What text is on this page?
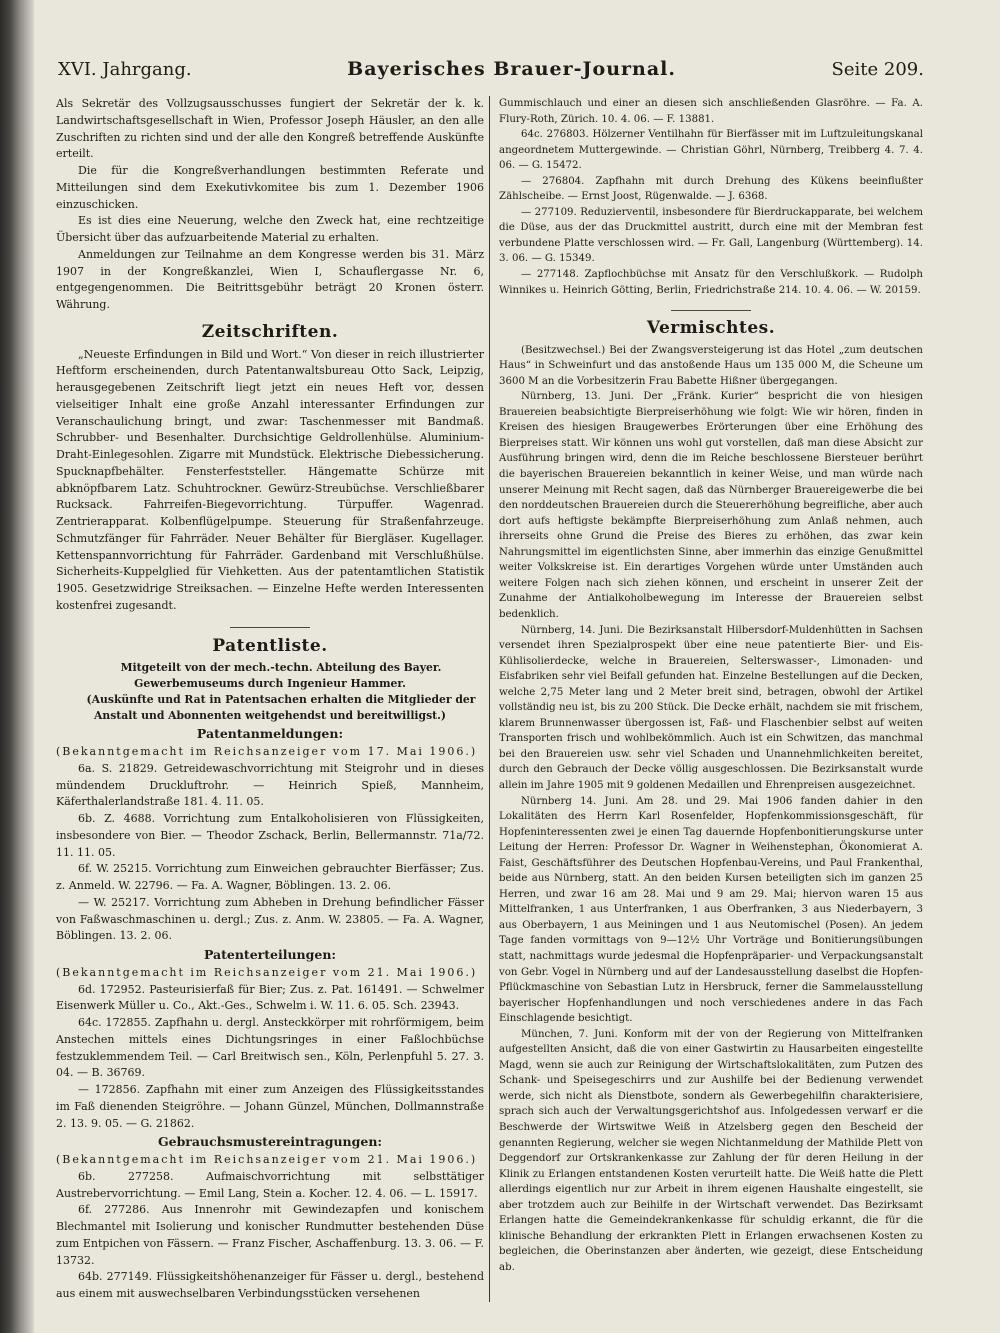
XVI. Jahrgang.	Bayerisches Brauer-Journal.	Seite 209.

Als Sekretär des Vollzugsausschusses fungiert der Sekretär der k. k. Landwirtschaftsgesellschaft in Wien, Professor Joseph Häusler, an den alle Zuschriften zu richten sind und der alle den Kongreß betreffende Auskünfte erteilt.

Die für die Kongreßverhandlungen bestimmten Referate und Mitteilungen sind dem Exekutivkomitee bis zum 1. Dezember 1906 einzuschicken.

Es ist dies eine Neuerung, welche den Zweck hat, eine rechtzeitige Übersicht über das aufzuarbeitende Material zu erhalten.

Anmeldungen zur Teilnahme an dem Kongresse werden bis 31. März 1907 in der Kongreßkanzlei, Wien I, Schauflergasse Nr. 6, entgegengenommen. Die Beitrittsgebühr beträgt 20 Kronen österr. Währung.

Zeitschriften.

„Neueste Erfindungen in Bild und Wort.“ Von dieser in reich illustrierter Heftform erscheinenden, durch Patentanwaltsbureau Otto Sack, Leipzig, herausgegebenen Zeitschrift liegt jetzt ein neues Heft vor, dessen vielseitiger Inhalt eine große Anzahl interessanter Erfindungen zur Veranschaulichung bringt, und zwar: Taschenmesser mit Bandmaß. Schrubber- und Besenhalter. Durchsichtige Geldrollenhülse. Aluminium-Draht-Einlegesohlen. Zigarre mit Mundstück. Elektrische Diebessicherung. Spucknapfbehälter. Fensterfeststeller. Hängematte Schürze mit abknöpfbarem Latz. Schuhtrockner. Gewürz-Streubüchse. Verschließbarer Rucksack. Fahrreifen-Biegevorrichtung. Türpuffer. Wagenrad. Zentrierapparat. Kolbenflügelpumpe. Steuerung für Straßenfahrzeuge. Schmutzfänger für Fahrräder. Neuer Behälter für Biergläser. Kugellager. Kettenspannvorrichtung für Fahrräder. Gardenband mit Verschlußhülse. Sicherheits-Kuppelglied für Viehketten. Aus der patentamtlichen Statistik 1905. Gesetzwidrige Streiksachen. — Einzelne Hefte werden Interessenten kostenfrei zugesandt.

Patentliste.

Mitgeteilt von der mech.-techn. Abteilung des Bayer. Gewerbemuseums durch Ingenieur Hammer.

(Auskünfte und Rat in Patentsachen erhalten die Mitglieder der Anstalt und Abonnenten weitgehendst und bereitwilligst.)

Patentanmeldungen:

(Bekanntgemacht im Reichsanzeiger vom 17. Mai 1906.)

6a. S. 21829. Getreidewaschvorrichtung mit Steigrohr und in dieses mündendem Druckluftrohr. — Heinrich Spieß, Mannheim, Käferthalerlandstraße 181. 4. 11. 05.

6b. Z. 4688. Vorrichtung zum Entalkoholisieren von Flüssigkeiten, insbesondere von Bier. — Theodor Zschack, Berlin, Bellermannstr. 71a/72. 11. 11. 05.

6f. W. 25215. Vorrichtung zum Einweichen gebrauchter Bierfässer; Zus. z. Anmeld. W. 22796. — Fa. A. Wagner, Böblingen. 13. 2. 06.

— W. 25217. Vorrichtung zum Abheben in Drehung befindlicher Fässer von Faßwaschmaschinen u. dergl.; Zus. z. Anm. W. 23805. — Fa. A. Wagner, Böblingen. 13. 2. 06.

Patenterteilungen:

(Bekanntgemacht im Reichsanzeiger vom 21. Mai 1906.)

6d. 172952. Pasteurisierfaß für Bier; Zus. z. Pat. 161491. — Schwelmer Eisenwerk Müller u. Co., Akt.-Ges., Schwelm i. W. 11. 6. 05. Sch. 23943.

64c. 172855. Zapfhahn u. dergl. Ansteckkörper mit rohrförmigem, beim Anstechen mittels eines Dichtungsringes in einer Faßlochbüchse festzuklemmendem Teil. — Carl Breitwisch sen., Köln, Perlenpfuhl 5. 27. 3. 04. — B. 36769.

— 172856. Zapfhahn mit einer zum Anzeigen des Flüssigkeitsstandes im Faß dienenden Steigröhre. — Johann Günzel, München, Dollmannstraße 2. 13. 9. 05. — G. 21862.

Gebrauchsmustereintragungen:

(Bekanntgemacht im Reichsanzeiger vom 21. Mai 1906.)

6b. 277258. Aufmaischvorrichtung mit selbsttätiger Austrebervorrichtung. — Emil Lang, Stein a. Kocher. 12. 4. 06. — L. 15917.

6f. 277286. Aus Innenrohr mit Gewindezapfen und konischem Blechmantel mit Isolierung und konischer Rundmutter bestehenden Düse zum Entpichen von Fässern. — Franz Fischer, Aschaffenburg. 13. 3. 06. — F. 13732.

64b. 277149. Flüssigkeitshöhenanzeiger für Fässer u. dergl., bestehend aus einem mit auswechselbaren Verbindungsstücken versehenen

Gummischlauch und einer an diesen sich anschließenden Glasröhre. — Fa. A. Flury-Roth, Zürich. 10. 4. 06. — F. 13881.

64c. 276803. Hölzerner Ventilhahn für Bierfässer mit im Luftzuleitungskanal angeordnetem Muttergewinde. — Christian Göhrl, Nürnberg, Treibberg 4. 7. 4. 06. — G. 15472.

— 276804. Zapfhahn mit durch Drehung des Kükens beeinflußter Zählscheibe. — Ernst Joost, Rügenwalde. — J. 6368.

— 277109. Reduzierventil, insbesondere für Bierdruckapparate, bei welchem die Düse, aus der das Druckmittel austritt, durch eine mit der Membran fest verbundene Platte verschlossen wird. — Fr. Gall, Langenburg (Württemberg). 14. 3. 06. — G. 15349.

— 277148. Zapflochbüchse mit Ansatz für den Verschlußkork. — Rudolph Winnikes u. Heinrich Götting, Berlin, Friedrichstraße 214. 10. 4. 06. — W. 20159.

Vermischtes.

(Besitzwechsel.) Bei der Zwangsversteigerung ist das Hotel „zum deutschen Haus“ in Schweinfurt und das anstoßende Haus um 135 000 M, die Scheune um 3600 M an die Vorbesitzerin Frau Babette Hißner übergegangen.

Nürnberg, 13. Juni. Der „Fränk. Kurier“ bespricht die von hiesigen Brauereien beabsichtigte Bierpreiserhöhung wie folgt: Wie wir hören, finden in Kreisen des hiesigen Braugewerbes Erörterungen über eine Erhöhung des Bierpreises statt. Wir können uns wohl gut vorstellen, daß man diese Absicht zur Ausführung bringen wird, denn die im Reiche beschlossene Biersteuer berührt die bayerischen Brauereien bekanntlich in keiner Weise, und man würde nach unserer Meinung mit Recht sagen, daß das Nürnberger Brauereigewerbe die bei den norddeutschen Brauereien durch die Steuererhöhung begreifliche, aber auch dort aufs heftigste bekämpfte Bierpreiserhöhung zum Anlaß nehmen, auch ihrerseits ohne Grund die Preise des Bieres zu erhöhen, das zwar kein Nahrungsmittel im eigentlichsten Sinne, aber immerhin das einzige Genußmittel weiter Volkskreise ist. Ein derartiges Vorgehen würde unter Umständen auch weitere Folgen nach sich ziehen können, und erscheint in unserer Zeit der Zunahme der Antialkoholbewegung im Interesse der Brauereien selbst bedenklich.

Nürnberg, 14. Juni. Die Bezirksanstalt Hilbersdorf-Muldenhütten in Sachsen versendet ihren Spezialprospekt über eine neue patentierte Bier- und Eis-Kühlisolierdecke, welche in Brauereien, Selterswasser-, Limonaden- und Eisfabriken sehr viel Beifall gefunden hat. Einzelne Bestellungen auf die Decken, welche 2,75 Meter lang und 2 Meter breit sind, betragen, obwohl der Artikel vollständig neu ist, bis zu 200 Stück. Die Decke erhält, nachdem sie mit frischem, klarem Brunnenwasser übergossen ist, Faß- und Flaschenbier selbst auf weiten Transporten frisch und wohlbekömmlich. Auch ist ein Schwitzen, das manchmal bei den Brauereien usw. sehr viel Schaden und Unannehmlichkeiten bereitet, durch den Gebrauch der Decke völlig ausgeschlossen. Die Bezirksanstalt wurde allein im Jahre 1905 mit 9 goldenen Medaillen und Ehrenpreisen ausgezeichnet.

Nürnberg 14. Juni. Am 28. und 29. Mai 1906 fanden dahier in den Lokalitäten des Herrn Karl Rosenfelder, Hopfenkommissionsgeschäft, für Hopfeninteressenten zwei je einen Tag dauernde Hopfenbonitierungskurse unter Leitung der Herren: Professor Dr. Wagner in Weihenstephan, Ökonomierat A. Faist, Geschäftsführer des Deutschen Hopfenbau-Vereins, und Paul Frankenthal, beide aus Nürnberg, statt. An den beiden Kursen beteiligten sich im ganzen 25 Herren, und zwar 16 am 28. Mai und 9 am 29. Mai; hiervon waren 15 aus Mittelfranken, 1 aus Unterfranken, 1 aus Oberfranken, 3 aus Niederbayern, 3 aus Oberbayern, 1 aus Meiningen und 1 aus Neutomischel (Posen). An jedem Tage fanden vormittags von 9—12½ Uhr Vorträge und Bonitierungsübungen statt, nachmittags wurde jedesmal die Hopfenpräparier- und Verpackungsanstalt von Gebr. Vogel in Nürnberg und auf der Landesausstellung daselbst die Hopfen-Pflückmaschine von Sebastian Lutz in Hersbruck, ferner die Sammelausstellung bayerischer Hopfenhandlungen und noch verschiedenes andere in das Fach Einschlagende besichtigt.

München, 7. Juni. Konform mit der von der Regierung von Mittelfranken aufgestellten Ansicht, daß die von einer Gastwirtin zu Hausarbeiten eingestellte Magd, wenn sie auch zur Reinigung der Wirtschaftslokalitäten, zum Putzen des Schank- und Speisegeschirrs und zur Aushilfe bei der Bedienung verwendet werde, sich nicht als Dienstbote, sondern als Gewerbegehilfin charakterisiere, sprach sich auch der Verwaltungsgerichtshof aus. Infolgedessen verwarf er die Beschwerde der Wirtswitwe Weiß in Atzelsberg gegen den Bescheid der genannten Regierung, welcher sie wegen Nichtanmeldung der Mathilde Plett von Deggendorf zur Ortskrankenkasse zur Zahlung der für deren Heilung in der Klinik zu Erlangen entstandenen Kosten verurteilt hatte. Die Weiß hatte die Plett allerdings eigentlich nur zur Arbeit in ihrem eigenen Haushalte eingestellt, sie aber trotzdem auch zur Beihilfe in der Wirtschaft verwendet. Das Bezirksamt Erlangen hatte die Gemeindekrankenkasse für schuldig erkannt, die für die klinische Behandlung der erkrankten Plett in Erlangen erwachsenen Kosten zu begleichen, die Oberinstanzen aber änderten, wie gezeigt, diese Entscheidung ab.
